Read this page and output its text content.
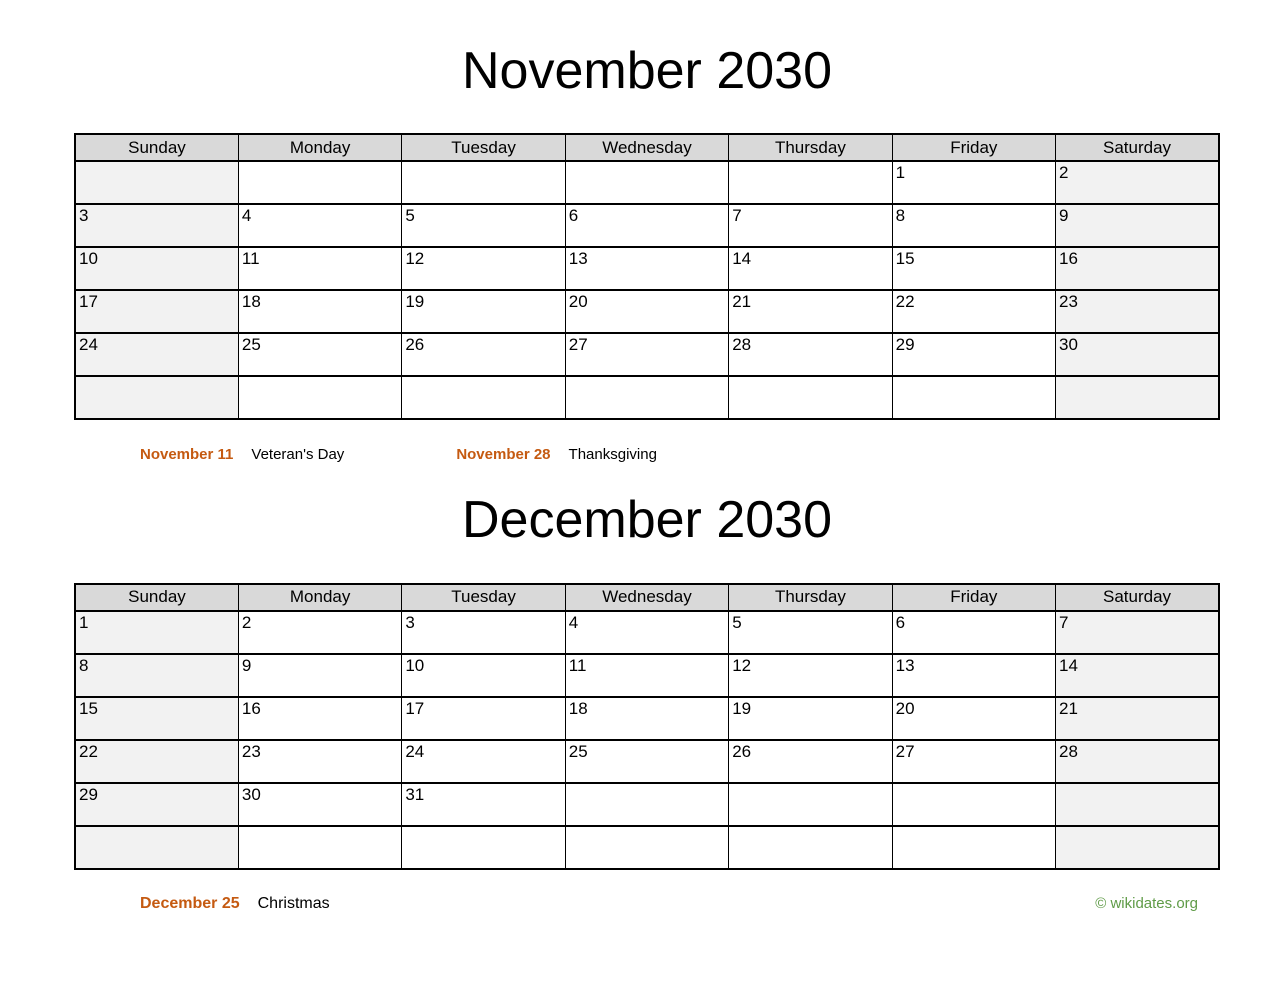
November 2030
Sunday	Monday	Tuesday	Wednesday	Thursday	Friday	Saturday
					1	2
3	4	5	6	7	8	9
10	11	12	13	14	15	16
17	18	19	20	21	22	23
24	25	26	27	28	29	30

November 11 Veteran's Day	November 28 Thanksgiving
December 2030
Sunday	Monday	Tuesday	Wednesday	Thursday	Friday	Saturday
1	2	3	4	5	6	7
8	9	10	11	12	13	14
15	16	17	18	19	20	21
22	23	24	25	26	27	28
29	30	31				

December 25 Christmas	© wikidates.org
